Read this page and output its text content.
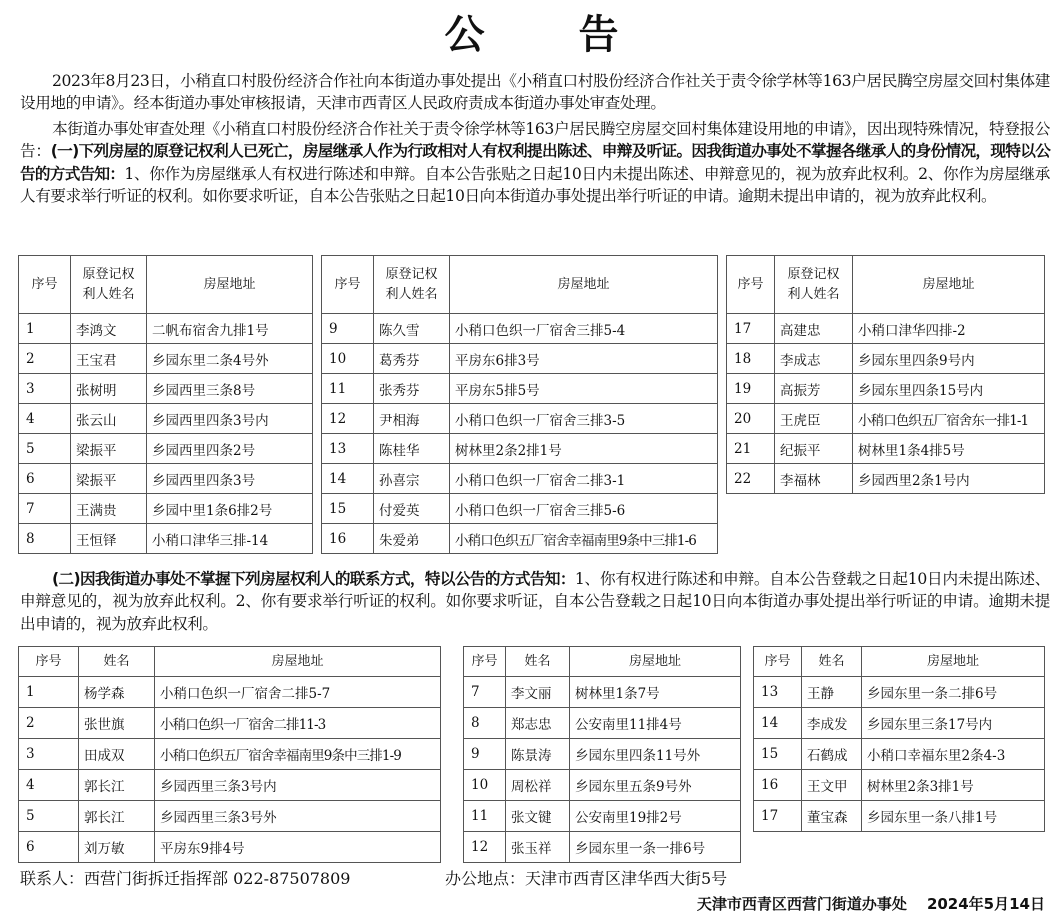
公 告

2023年8月23日，小稍直口村股份经济合作社向本街道办事处提出《小稍直口村股份经济合作社关于责令徐学林等163户居民腾空房屋交回村集体建设用地的申请》。经本街道办事处审核报请，天津市西青区人民政府责成本街道办事处审查处理。

本街道办事处审查处理《小稍直口村股份经济合作社关于责令徐学林等163户居民腾空房屋交回村集体建设用地的申请》，因出现特殊情况，特登报公告：(一)下列房屋的原登记权利人已死亡，房屋继承人作为行政相对人有权利提出陈述、申辩及听证。因我街道办事处不掌握各继承人的身份情况，现特以公告的方式告知：1、你作为房屋继承人有权进行陈述和申辩。自本公告张贴之日起10日内未提出陈述、申辩意见的，视为放弃此权利。2、你作为房屋继承人有要求举行听证的权利。如你要求听证，自本公告张贴之日起10日向本街道办事处提出举行听证的申请。逾期未提出申请的，视为放弃此权利。

序号	原登记权利人姓名	房屋地址
1	李鸿文	二帆布宿舍九排1号
2	王宝君	乡园东里二条4号外
3	张树明	乡园西里三条8号
4	张云山	乡园西里四条3号内
5	梁振平	乡园西里四条2号
6	梁振平	乡园西里四条3号
7	王满贵	乡园中里1条6排2号
8	王恒铎	小稍口津华三排-14
序号	原登记权利人姓名	房屋地址
9	陈久雪	小稍口色织一厂宿舍三排5-4
10	葛秀芬	平房东6排3号
11	张秀芬	平房东5排5号
12	尹相海	小稍口色织一厂宿舍三排3-5
13	陈桂华	树林里2条2排1号
14	孙喜宗	小稍口色织一厂宿舍二排3-1
15	付爱英	小稍口色织一厂宿舍三排5-6
16	朱爱弟	小稍口色织五厂宿舍幸福南里9条中三排1-6
序号	原登记权利人姓名	房屋地址
17	高建忠	小稍口津华四排-2
18	李成志	乡园东里四条9号内
19	高振芳	乡园东里四条15号内
20	王虎臣	小稍口色织五厂宿舍东一排1-1
21	纪振平	树林里1条4排5号
22	李福林	乡园西里2条1号内

(二)因我街道办事处不掌握下列房屋权利人的联系方式，特以公告的方式告知：1、你有权进行陈述和申辩。自本公告登载之日起10日内未提出陈述、申辩意见的，视为放弃此权利。2、你有要求举行听证的权利。如你要求听证，自本公告登载之日起10日向本街道办事处提出举行听证的申请。逾期未提出申请的，视为放弃此权利。

序号	姓名	房屋地址
1	杨学森	小稍口色织一厂宿舍二排5-7
2	张世旗	小稍口色织一厂宿舍二排11-3
3	田成双	小稍口色织五厂宿舍幸福南里9条中三排1-9
4	郭长江	乡园西里三条3号内
5	郭长江	乡园西里三条3号外
6	刘万敏	平房东9排4号
序号	姓名	房屋地址
7	李文丽	树林里1条7号
8	郑志忠	公安南里11排4号
9	陈景涛	乡园东里四条11号外
10	周松祥	乡园东里五条9号外
11	张文键	公安南里19排2号
12	张玉祥	乡园东里一条一排6号
序号	姓名	房屋地址
13	王静	乡园东里一条二排6号
14	李成发	乡园东里三条17号内
15	石鹤成	小稍口幸福东里2条4-3
16	王文甲	树林里2条3排1号
17	董宝森	乡园东里一条八排1号
联系人：西营门街拆迁指挥部 022-87507809	办公地点：天津市西青区津华西大街5号
天津市西青区西营门街道办事处 2024年5月14日
